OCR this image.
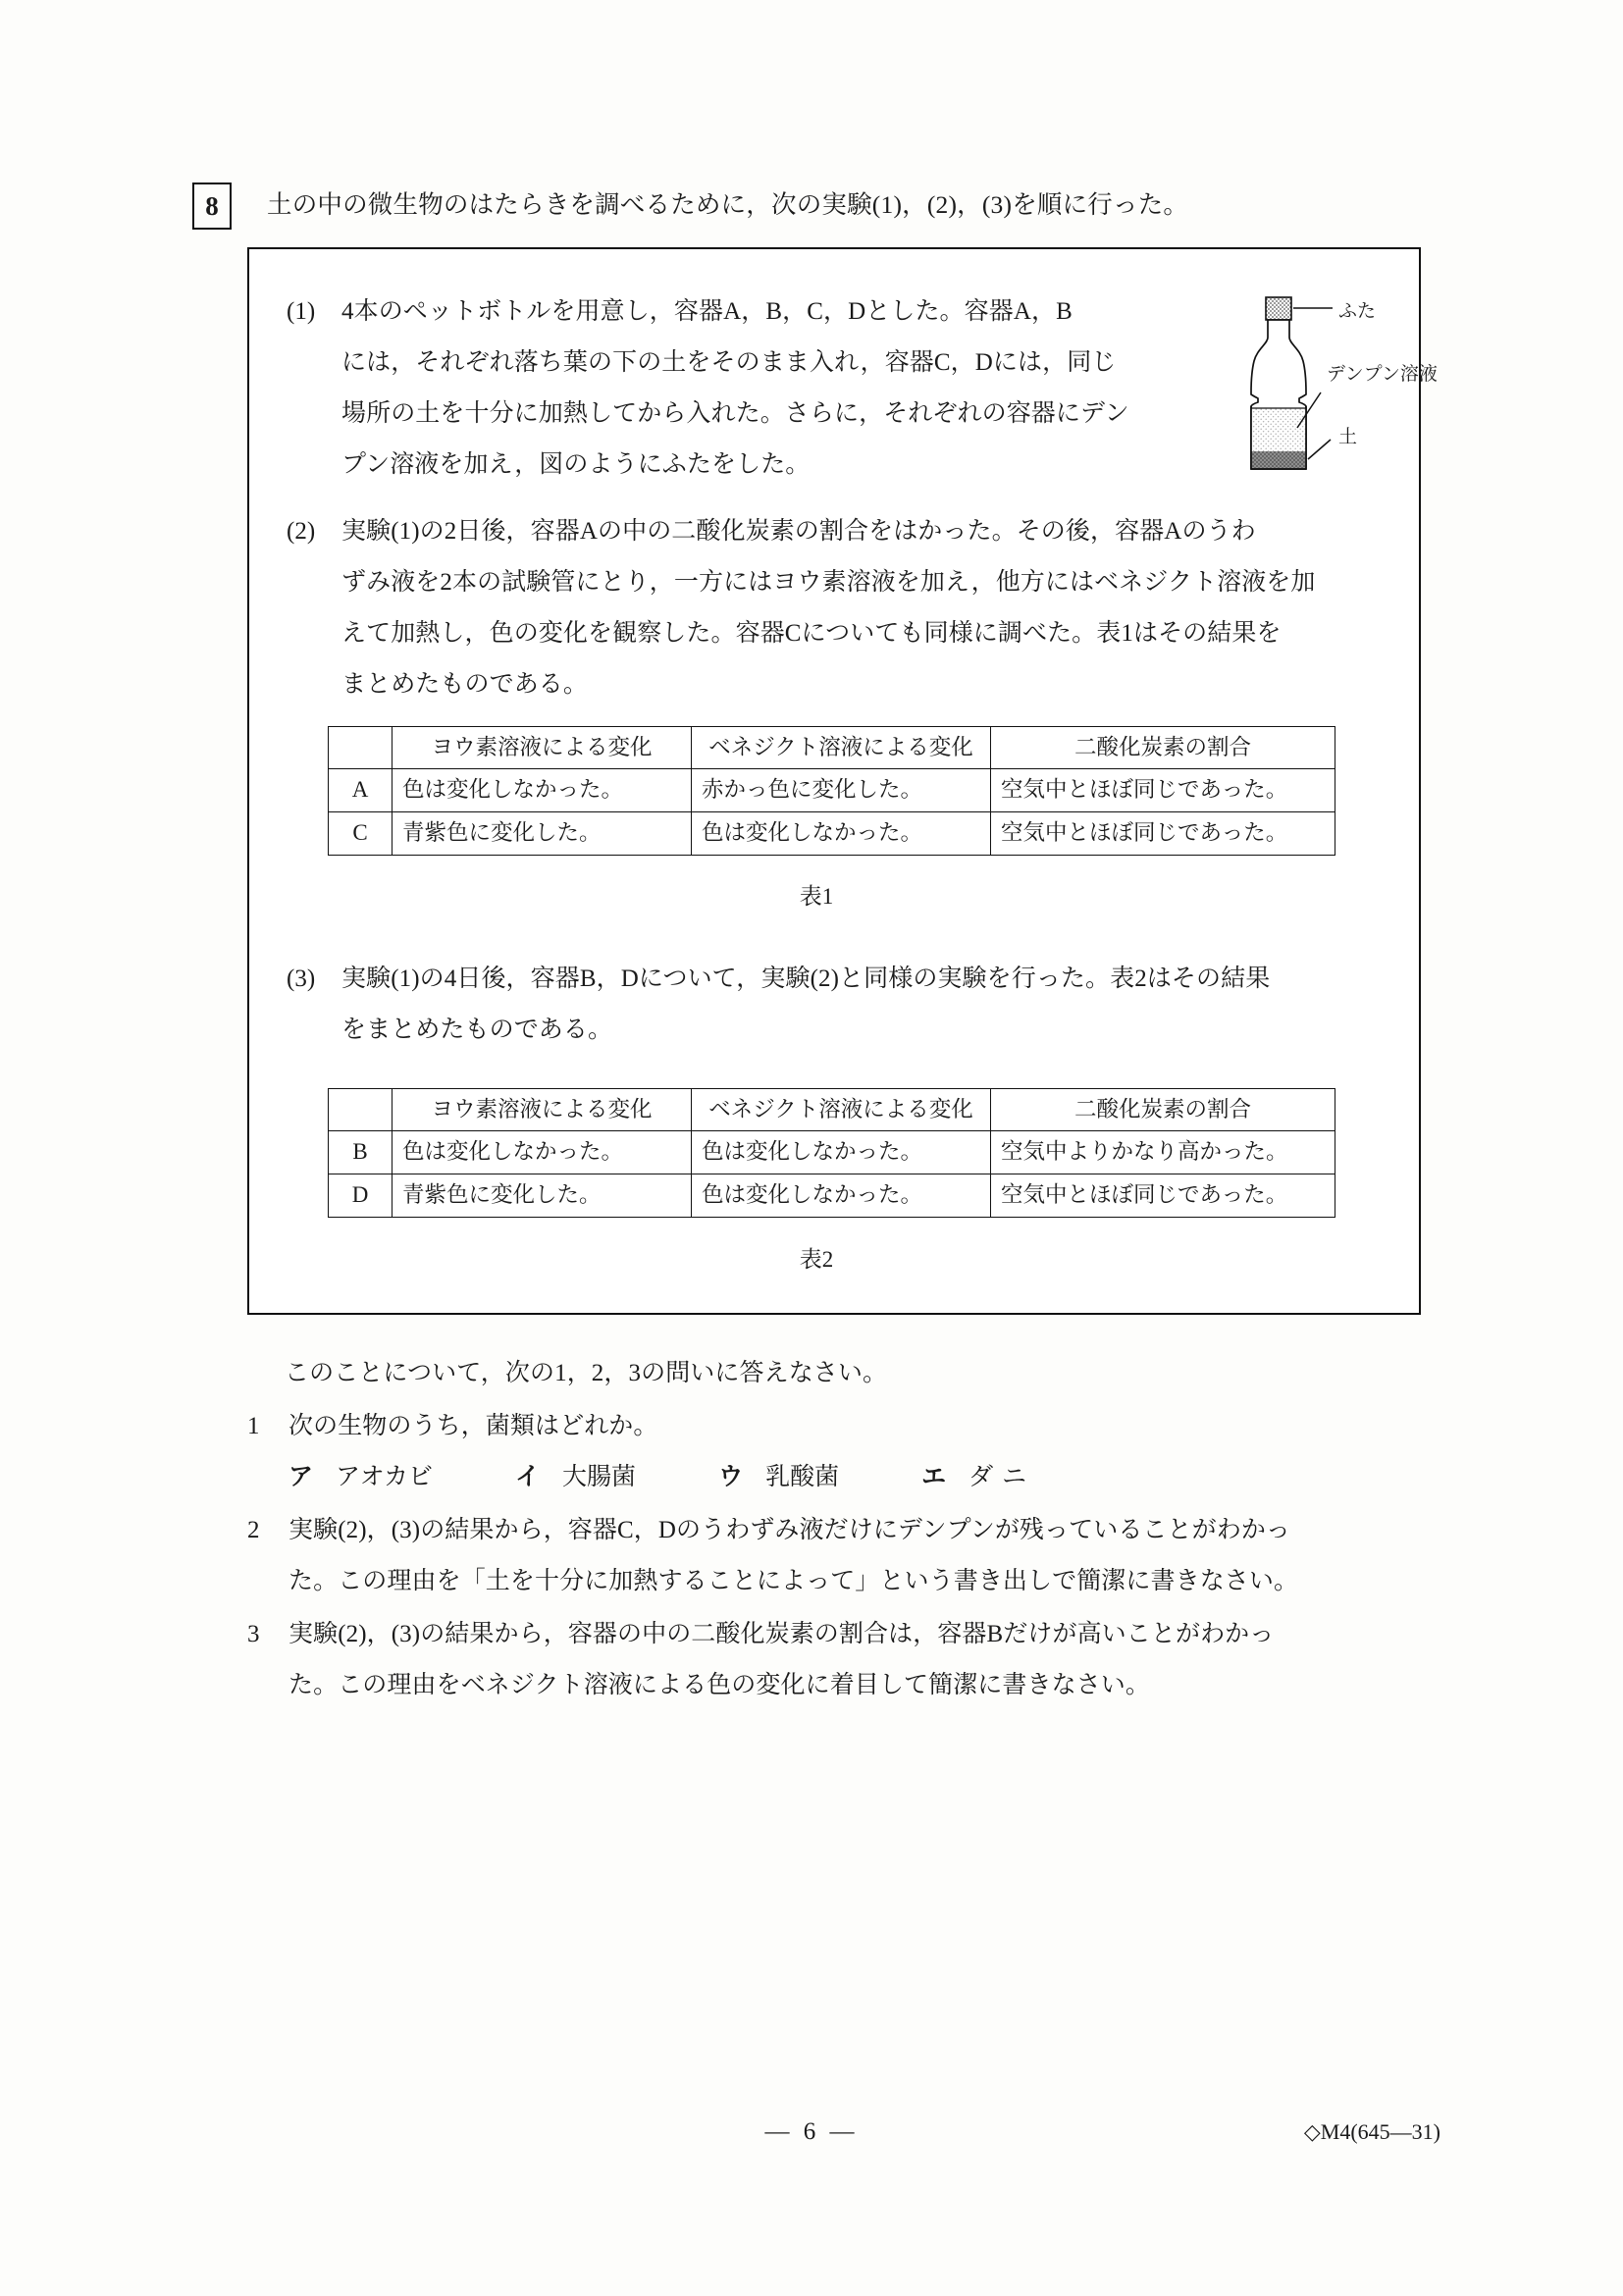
8	土の中の微生物のはたらきを調べるために，次の実験(1)，(2)，(3)を順に行った。
(1)	4本のペットボトルを用意し，容器A，B，C，Dとした。容器A，B

には，それぞれ落ち葉の下の土をそのまま入れ，容器C，Dには，同じ

場所の土を十分に加熱してから入れた。さらに，それぞれの容器にデン

プン溶液を加え，図のようにふたをした。

ふた
デンプン溶液
土
(2)	実験(1)の2日後，容器Aの中の二酸化炭素の割合をはかった。その後，容器Aのうわ

ずみ液を2本の試験管にとり，一方にはヨウ素溶液を加え，他方にはベネジクト溶液を加

えて加熱し，色の変化を観察した。容器Cについても同様に調べた。表1はその結果を

まとめたものである。

	ヨウ素溶液による変化	ベネジクト溶液による変化	二酸化炭素の割合
A	色は変化しなかった。	赤かっ色に変化した。	空気中とほぼ同じであった。
C	青紫色に変化した。	色は変化しなかった。	空気中とほぼ同じであった。
表1
(3)	実験(1)の4日後，容器B，Dについて，実験(2)と同様の実験を行った。表2はその結果

をまとめたものである。

	ヨウ素溶液による変化	ベネジクト溶液による変化	二酸化炭素の割合
B	色は変化しなかった。	色は変化しなかった。	空気中よりかなり高かった。
D	青紫色に変化した。	色は変化しなかった。	空気中とほぼ同じであった。
表2
このことについて，次の1，2，3の問いに答えなさい。
1	次の生物のうち，菌類はどれか。

ア アオカビ	イ 大腸菌	ウ 乳酸菌	エ ダニ
2	実験(2)，(3)の結果から，容器C，Dのうわずみ液だけにデンプンが残っていることがわかっ

た。この理由を「土を十分に加熱することによって」という書き出しで簡潔に書きなさい。

3	実験(2)，(3)の結果から，容器の中の二酸化炭素の割合は，容器Bだけが高いことがわかっ

た。この理由をベネジクト溶液による色の変化に着目して簡潔に書きなさい。

— 6 —	◇M4(645—31)
